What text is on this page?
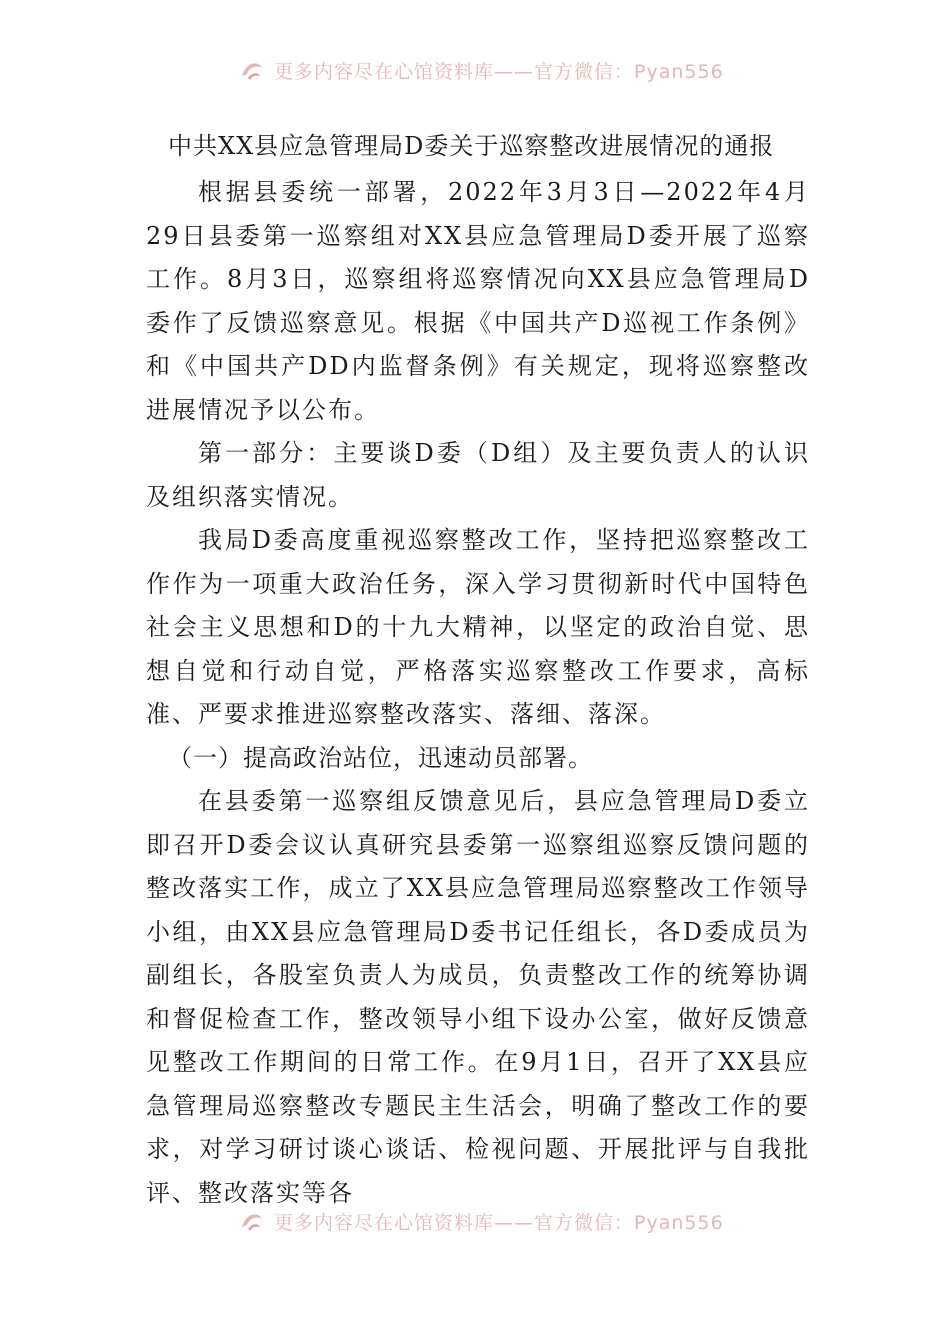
更多内容尽在心馆资料库——官方微信：Pyan556
中共XX县应急管理局D委关于巡察整改进展情况的通报

根据县委统一部署，2022年3月3日—2022年4月29日县委第一巡察组对XX县应急管理局D委开展了巡察工作。8月3日，巡察组将巡察情况向XX县应急管理局D委作了反馈巡察意见。根据《中国共产D巡视工作条例》和《中国共产DD内监督条例》有关规定，现将巡察整改进展情况予以公布。

第一部分：主要谈D委（D组）及主要负责人的认识及组织落实情况。

我局D委高度重视巡察整改工作，坚持把巡察整改工作作为一项重大政治任务，深入学习贯彻新时代中国特色社会主义思想和D的十九大精神，以坚定的政治自觉、思想自觉和行动自觉，严格落实巡察整改工作要求，高标准、严要求推进巡察整改落实、落细、落深。

（一）提高政治站位，迅速动员部署。

在县委第一巡察组反馈意见后，县应急管理局D委立即召开D委会议认真研究县委第一巡察组巡察反馈问题的整改落实工作，成立了XX县应急管理局巡察整改工作领导小组，由XX县应急管理局D委书记任组长，各D委成员为副组长，各股室负责人为成员，负责整改工作的统筹协调和督促检查工作，整改领导小组下设办公室，做好反馈意见整改工作期间的日常工作。在9月1日，召开了XX县应急管理局巡察整改专题民主生活会，明确了整改工作的要求，对学习研讨谈心谈话、检视问题、开展批评与自我批评、整改落实等各

更多内容尽在心馆资料库——官方微信：Pyan556
